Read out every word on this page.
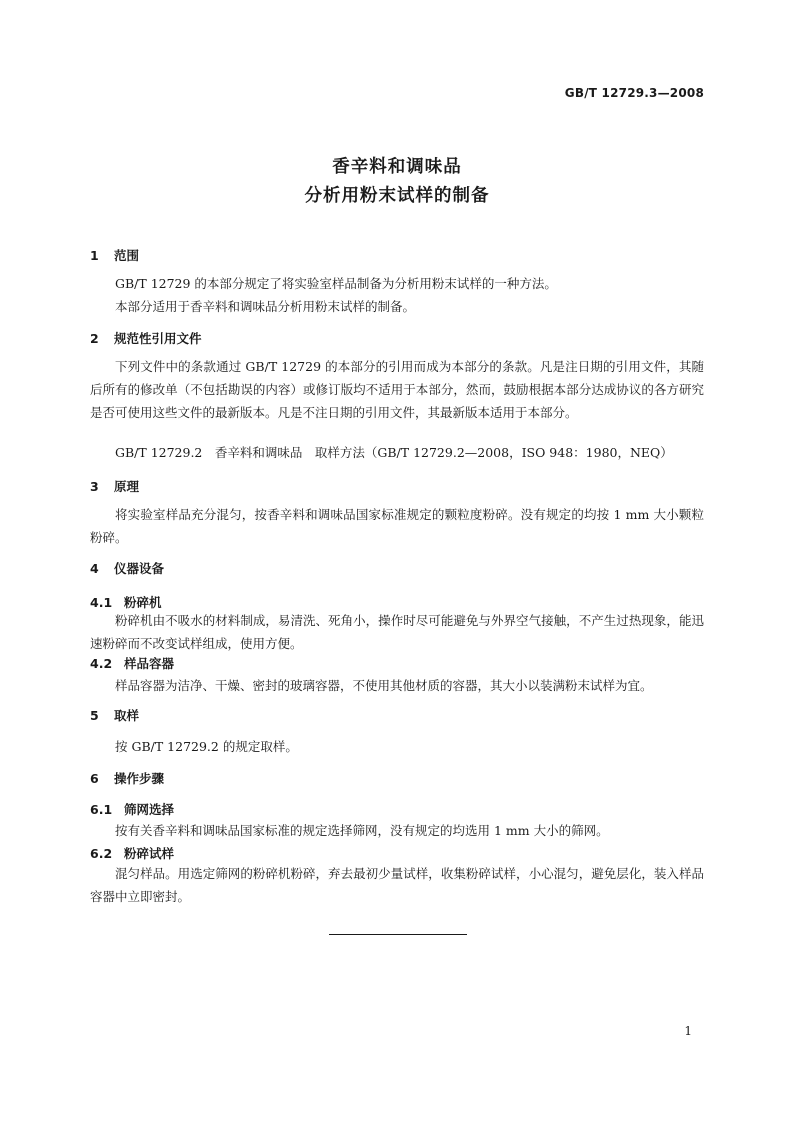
GB/T 12729.3—2008
香辛料和调味品
分析用粉末试样的制备
1 范围
GB/T 12729 的本部分规定了将实验室样品制备为分析用粉末试样的一种方法。
本部分适用于香辛料和调味品分析用粉末试样的制备。
2 规范性引用文件
下列文件中的条款通过 GB/T 12729 的本部分的引用而成为本部分的条款。凡是注日期的引用文件，其随后所有的修改单（不包括勘误的内容）或修订版均不适用于本部分，然而，鼓励根据本部分达成协议的各方研究是否可使用这些文件的最新版本。凡是不注日期的引用文件，其最新版本适用于本部分。
GB/T 12729.2　香辛料和调味品　取样方法（GB/T 12729.2—2008，ISO 948：1980，NEQ）
3 原理
将实验室样品充分混匀，按香辛料和调味品国家标准规定的颗粒度粉碎。没有规定的均按 1 mm 大小颗粒粉碎。
4 仪器设备
4.1 粉碎机
粉碎机由不吸水的材料制成，易清洗、死角小，操作时尽可能避免与外界空气接触，不产生过热现象，能迅速粉碎而不改变试样组成，使用方便。
4.2 样品容器
样品容器为洁净、干燥、密封的玻璃容器，不使用其他材质的容器，其大小以装满粉末试样为宜。
5 取样
按 GB/T 12729.2 的规定取样。
6 操作步骤
6.1 筛网选择
按有关香辛料和调味品国家标准的规定选择筛网，没有规定的均选用 1 mm 大小的筛网。
6.2 粉碎试样
混匀样品。用选定筛网的粉碎机粉碎，弃去最初少量试样，收集粉碎试样，小心混匀，避免层化，装入样品容器中立即密封。
1
